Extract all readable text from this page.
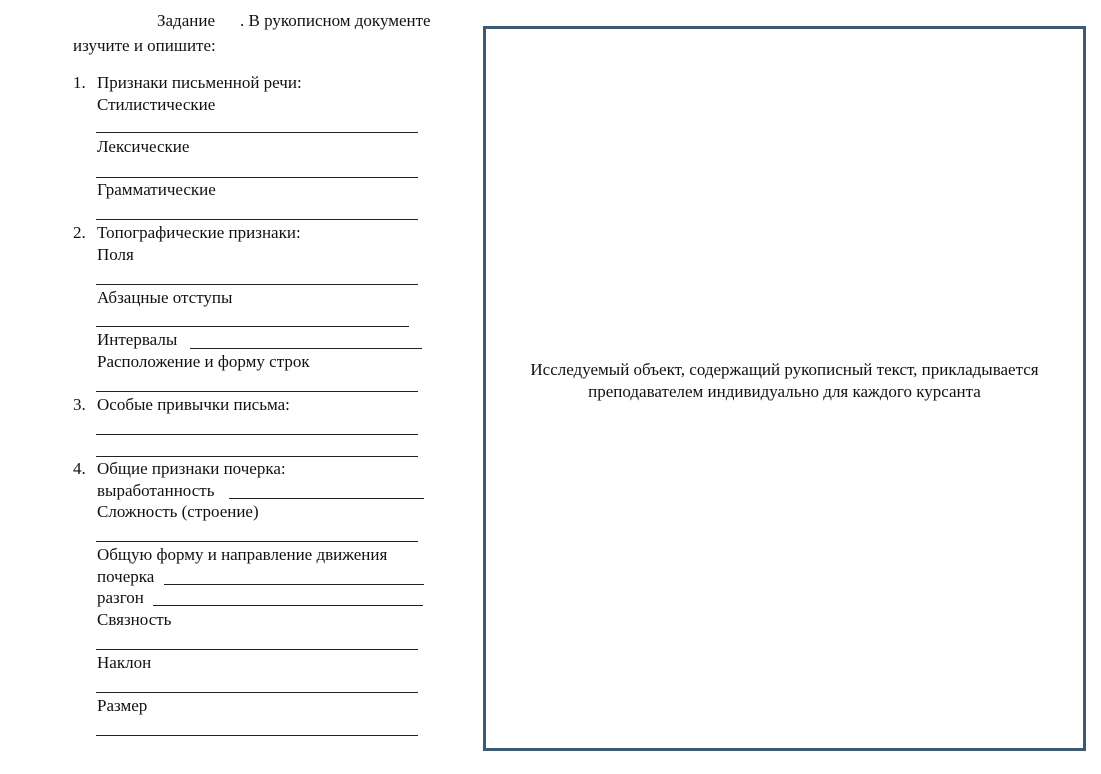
Задание . В рукописном документе
изучите и опишите:
1. Признаки письменной речи:
Стилистические
Лексические
Грамматические
2. Топографические признаки:
Поля
Абзацные отступы
Интервалы
Расположение и форму строк
3. Особые привычки письма:
4. Общие признаки почерка:
выработанность
Сложность (строение)
Общую форму и направление движения
почерка
разгон
Связность
Наклон
Размер
Исследуемый объект, содержащий рукописный текст, прикладывается преподавателем индивидуально для каждого курсанта
